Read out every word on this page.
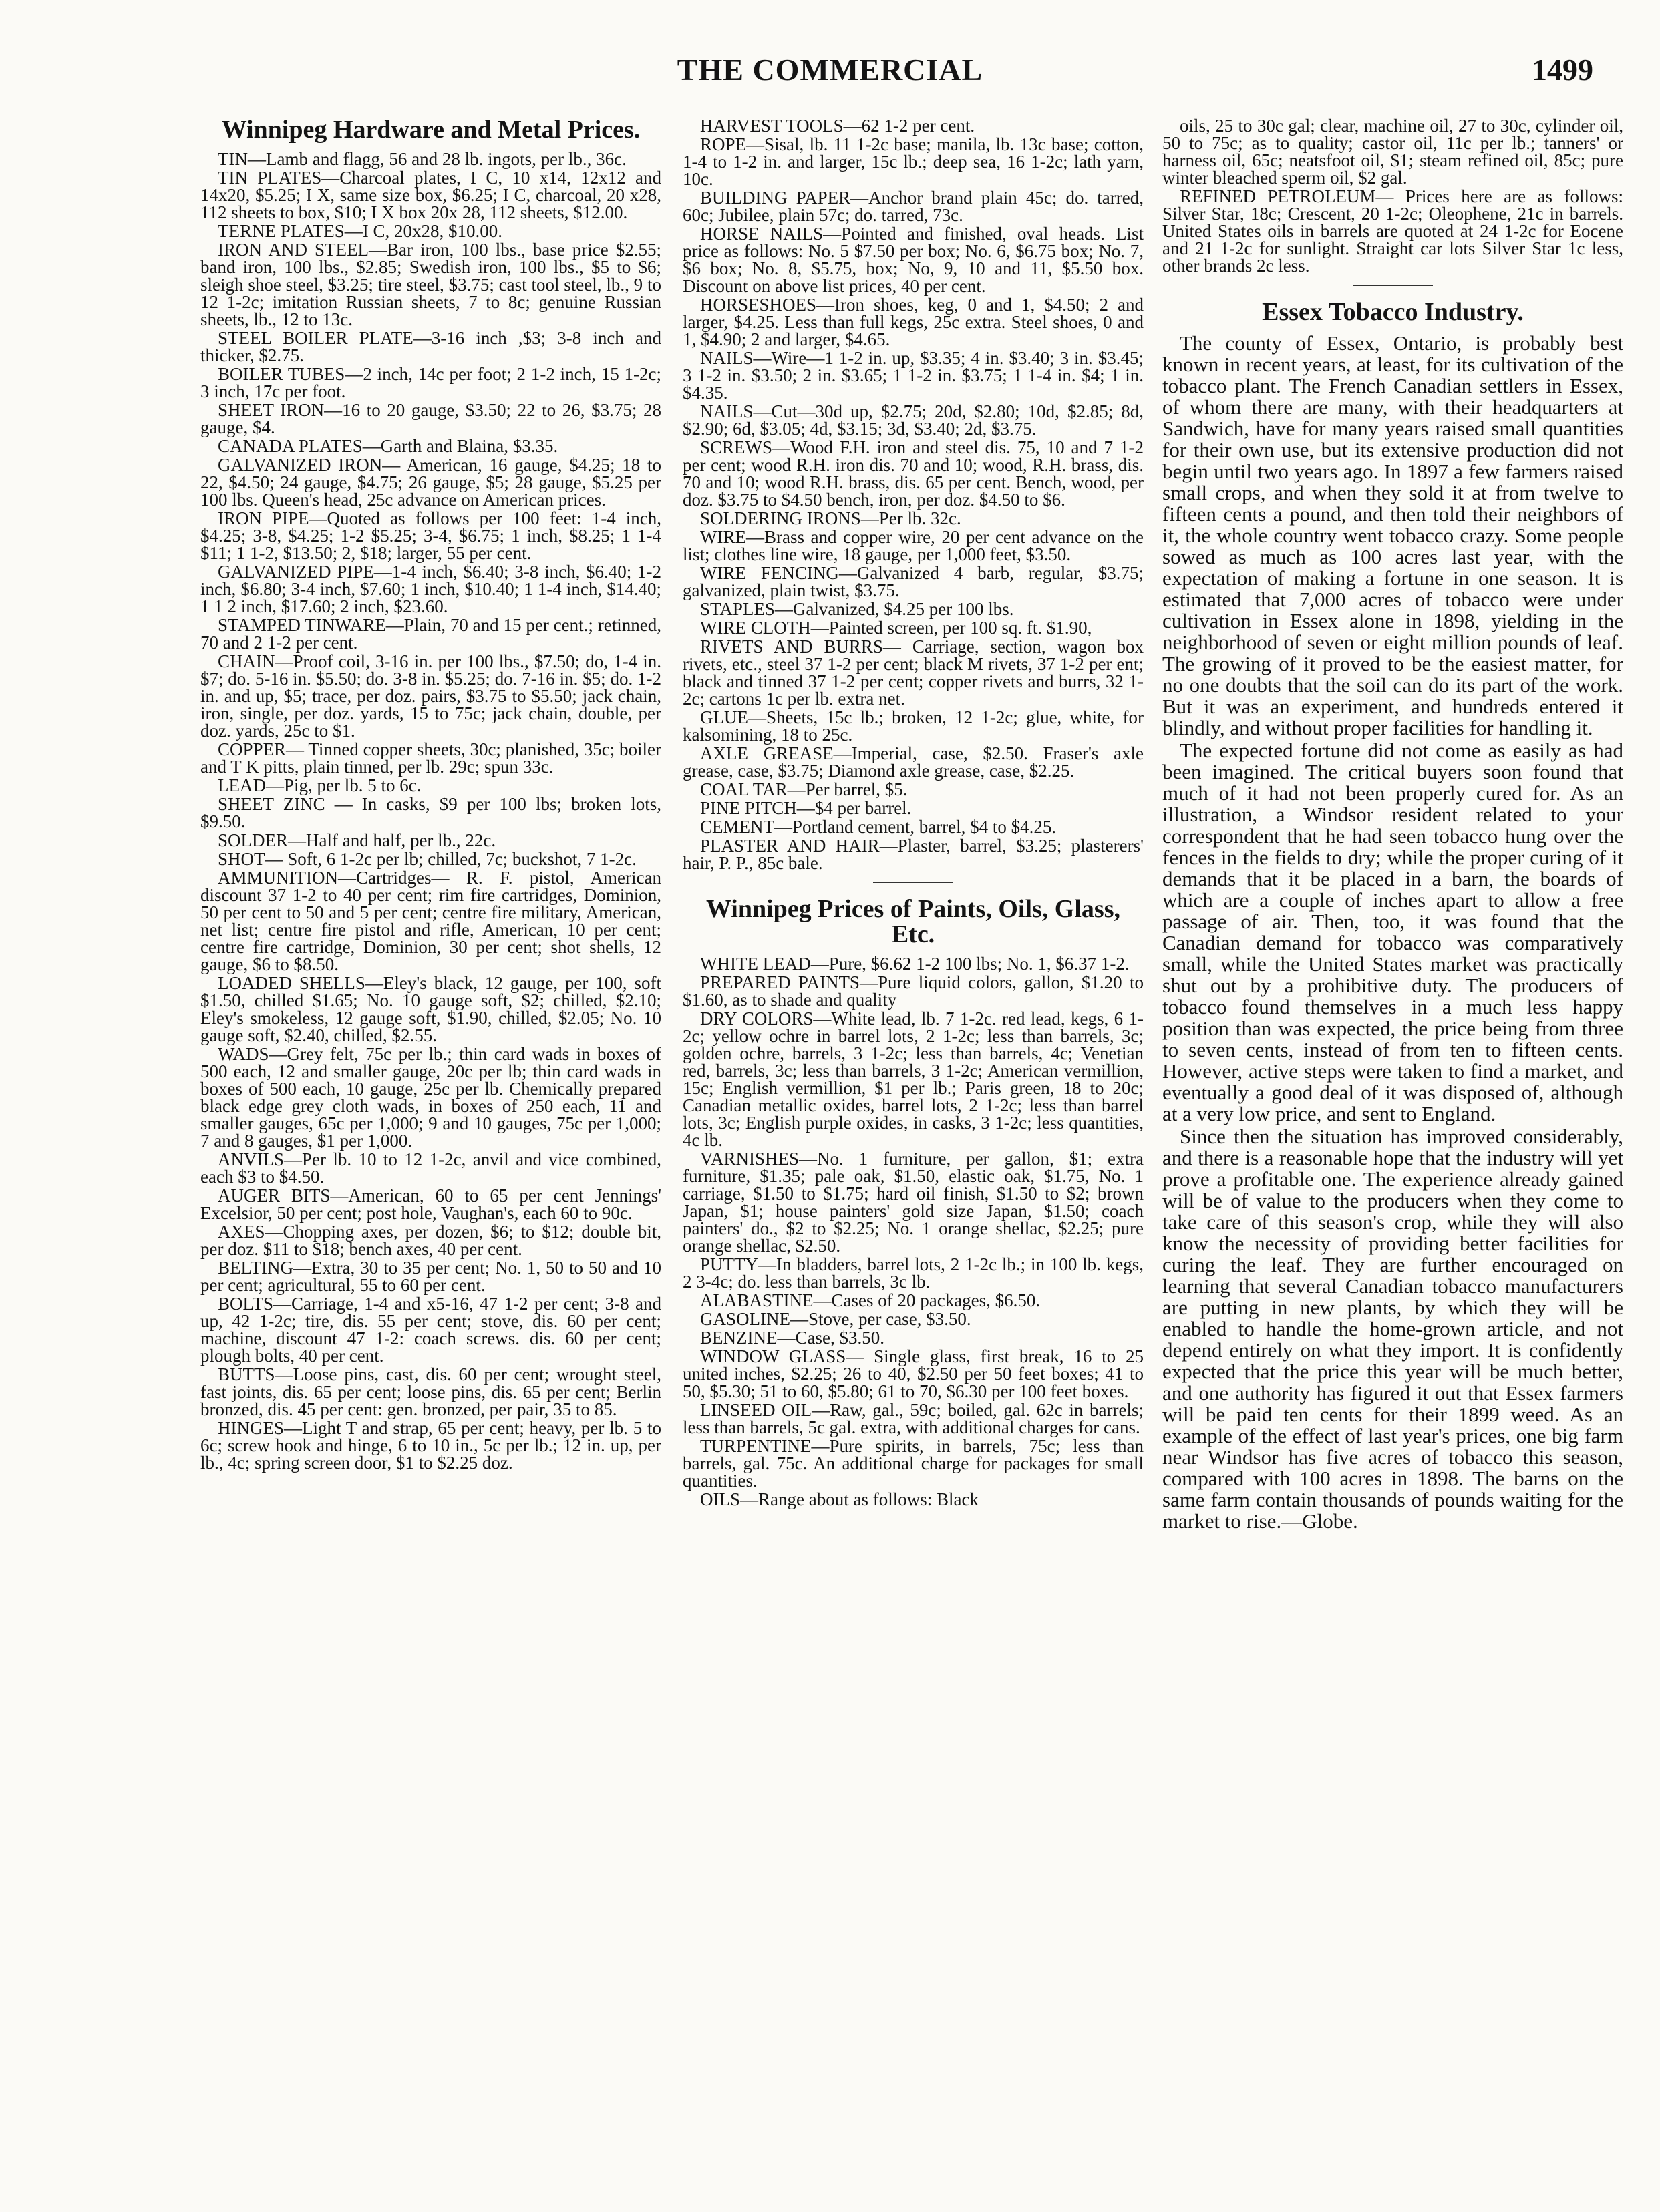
THE COMMERCIAL	1499
Winnipeg Hardware and Metal Prices.

TIN—Lamb and flagg, 56 and 28 lb. ingots, per lb., 36c.

TIN PLATES—Charcoal plates, I C, 10 x14, 12x12 and 14x20, $5.25; I X, same size box, $6.25; I C, charcoal, 20 x28, 112 sheets to box, $10; I X box 20x 28, 112 sheets, $12.00.

TERNE PLATES—I C, 20x28, $10.00.

IRON AND STEEL—Bar iron, 100 lbs., base price $2.55; band iron, 100 lbs., $2.85; Swedish iron, 100 lbs., $5 to $6; sleigh shoe steel, $3.25; tire steel, $3.75; cast tool steel, lb., 9 to 12 1-2c; imitation Russian sheets, 7 to 8c; genuine Russian sheets, lb., 12 to 13c.

STEEL BOILER PLATE—3-16 inch ,$3; 3-8 inch and thicker, $2.75.

BOILER TUBES—2 inch, 14c per foot; 2 1-2 inch, 15 1-2c; 3 inch, 17c per foot.

SHEET IRON—16 to 20 gauge, $3.50; 22 to 26, $3.75; 28 gauge, $4.

CANADA PLATES—Garth and Blaina, $3.35.

GALVANIZED IRON— American, 16 gauge, $4.25; 18 to 22, $4.50; 24 gauge, $4.75; 26 gauge, $5; 28 gauge, $5.25 per 100 lbs. Queen's head, 25c advance on American prices.

IRON PIPE—Quoted as follows per 100 feet: 1-4 inch, $4.25; 3-8, $4.25; 1-2 $5.25; 3-4, $6.75; 1 inch, $8.25; 1 1-4 $11; 1 1-2, $13.50; 2, $18; larger, 55 per cent.

GALVANIZED PIPE—1-4 inch, $6.40; 3-8 inch, $6.40; 1-2 inch, $6.80; 3-4 inch, $7.60; 1 inch, $10.40; 1 1-4 inch, $14.40; 1 1 2 inch, $17.60; 2 inch, $23.60.

STAMPED TINWARE—Plain, 70 and 15 per cent.; retinned, 70 and 2 1-2 per cent.

CHAIN—Proof coil, 3-16 in. per 100 lbs., $7.50; do, 1-4 in. $7; do. 5-16 in. $5.50; do. 3-8 in. $5.25; do. 7-16 in. $5; do. 1-2 in. and up, $5; trace, per doz. pairs, $3.75 to $5.50; jack chain, iron, single, per doz. yards, 15 to 75c; jack chain, double, per doz. yards, 25c to $1.

COPPER— Tinned copper sheets, 30c; planished, 35c; boiler and T K pitts, plain tinned, per lb. 29c; spun 33c.

LEAD—Pig, per lb. 5 to 6c.

SHEET ZINC — In casks, $9 per 100 lbs; broken lots, $9.50.

SOLDER—Half and half, per lb., 22c.

SHOT— Soft, 6 1-2c per lb; chilled, 7c; buckshot, 7 1-2c.

AMMUNITION—Cartridges— R. F. pistol, American discount 37 1-2 to 40 per cent; rim fire cartridges, Dominion, 50 per cent to 50 and 5 per cent; centre fire military, American, net list; centre fire pistol and rifle, American, 10 per cent; centre fire cartridge, Dominion, 30 per cent; shot shells, 12 gauge, $6 to $8.50.

LOADED SHELLS—Eley's black, 12 gauge, per 100, soft $1.50, chilled $1.65; No. 10 gauge soft, $2; chilled, $2.10; Eley's smokeless, 12 gauge soft, $1.90, chilled, $2.05; No. 10 gauge soft, $2.40, chilled, $2.55.

WADS—Grey felt, 75c per lb.; thin card wads in boxes of 500 each, 12 and smaller gauge, 20c per lb; thin card wads in boxes of 500 each, 10 gauge, 25c per lb. Chemically prepared black edge grey cloth wads, in boxes of 250 each, 11 and smaller gauges, 65c per 1,000; 9 and 10 gauges, 75c per 1,000; 7 and 8 gauges, $1 per 1,000.

ANVILS—Per lb. 10 to 12 1-2c, anvil and vice combined, each $3 to $4.50.

AUGER BITS—American, 60 to 65 per cent Jennings' Excelsior, 50 per cent; post hole, Vaughan's, each 60 to 90c.

AXES—Chopping axes, per dozen, $6; to $12; double bit, per doz. $11 to $18; bench axes, 40 per cent.

BELTING—Extra, 30 to 35 per cent; No. 1, 50 to 50 and 10 per cent; agricultural, 55 to 60 per cent.

BOLTS—Carriage, 1-4 and x5-16, 47 1-2 per cent; 3-8 and up, 42 1-2c; tire, dis. 55 per cent; stove, dis. 60 per cent; machine, discount 47 1-2: coach screws. dis. 60 per cent; plough bolts, 40 per cent.

BUTTS—Loose pins, cast, dis. 60 per cent; wrought steel, fast joints, dis. 65 per cent; loose pins, dis. 65 per cent; Berlin bronzed, dis. 45 per cent: gen. bronzed, per pair, 35 to 85.

HINGES—Light T and strap, 65 per cent; heavy, per lb. 5 to 6c; screw hook and hinge, 6 to 10 in., 5c per lb.; 12 in. up, per lb., 4c; spring screen door, $1 to $2.25 doz.

HARVEST TOOLS—62 1-2 per cent.

ROPE—Sisal, lb. 11 1-2c base; manila, lb. 13c base; cotton, 1-4 to 1-2 in. and larger, 15c lb.; deep sea, 16 1-2c; lath yarn, 10c.

BUILDING PAPER—Anchor brand plain 45c; do. tarred, 60c; Jubilee, plain 57c; do. tarred, 73c.

HORSE NAILS—Pointed and finished, oval heads. List price as follows: No. 5 $7.50 per box; No. 6, $6.75 box; No. 7, $6 box; No. 8, $5.75, box; No, 9, 10 and 11, $5.50 box. Discount on above list prices, 40 per cent.

HORSESHOES—Iron shoes, keg, 0 and 1, $4.50; 2 and larger, $4.25. Less than full kegs, 25c extra. Steel shoes, 0 and 1, $4.90; 2 and larger, $4.65.

NAILS—Wire—1 1-2 in. up, $3.35; 4 in. $3.40; 3 in. $3.45; 3 1-2 in. $3.50; 2 in. $3.65; 1 1-2 in. $3.75; 1 1-4 in. $4; 1 in. $4.35.

NAILS—Cut—30d up, $2.75; 20d, $2.80; 10d, $2.85; 8d, $2.90; 6d, $3.05; 4d, $3.15; 3d, $3.40; 2d, $3.75.

SCREWS—Wood F.H. iron and steel dis. 75, 10 and 7 1-2 per cent; wood R.H. iron dis. 70 and 10; wood, R.H. brass, dis. 70 and 10; wood R.H. brass, dis. 65 per cent. Bench, wood, per doz. $3.75 to $4.50 bench, iron, per doz. $4.50 to $6.

SOLDERING IRONS—Per lb. 32c.

WIRE—Brass and copper wire, 20 per cent advance on the list; clothes line wire, 18 gauge, per 1,000 feet, $3.50.

WIRE FENCING—Galvanized 4 barb, regular, $3.75; galvanized, plain twist, $3.75.

STAPLES—Galvanized, $4.25 per 100 lbs.

WIRE CLOTH—Painted screen, per 100 sq. ft. $1.90,

RIVETS AND BURRS— Carriage, section, wagon box rivets, etc., steel 37 1-2 per cent; black M rivets, 37 1-2 per ent; black and tinned 37 1-2 per cent; copper rivets and burrs, 32 1-2c; cartons 1c per lb. extra net.

GLUE—Sheets, 15c lb.; broken, 12 1-2c; glue, white, for kalsomining, 18 to 25c.

AXLE GREASE—Imperial, case, $2.50. Fraser's axle grease, case, $3.75; Diamond axle grease, case, $2.25.

COAL TAR—Per barrel, $5.

PINE PITCH—$4 per barrel.

CEMENT—Portland cement, barrel, $4 to $4.25.

PLASTER AND HAIR—Plaster, barrel, $3.25; plasterers' hair, P. P., 85c bale.

Winnipeg Prices of Paints, Oils, Glass, Etc.

WHITE LEAD—Pure, $6.62 1-2 100 lbs; No. 1, $6.37 1-2.

PREPARED PAINTS—Pure liquid colors, gallon, $1.20 to $1.60, as to shade and quality

DRY COLORS—White lead, lb. 7 1-2c. red lead, kegs, 6 1-2c; yellow ochre in barrel lots, 2 1-2c; less than barrels, 3c; golden ochre, barrels, 3 1-2c; less than barrels, 4c; Venetian red, barrels, 3c; less than barrels, 3 1-2c; American vermillion, 15c; English vermillion, $1 per lb.; Paris green, 18 to 20c; Canadian metallic oxides, barrel lots, 2 1-2c; less than barrel lots, 3c; English purple oxides, in casks, 3 1-2c; less quantities, 4c lb.

VARNISHES—No. 1 furniture, per gallon, $1; extra furniture, $1.35; pale oak, $1.50, elastic oak, $1.75, No. 1 carriage, $1.50 to $1.75; hard oil finish, $1.50 to $2; brown Japan, $1; house painters' gold size Japan, $1.50; coach painters' do., $2 to $2.25; No. 1 orange shellac, $2.25; pure orange shellac, $2.50.

PUTTY—In bladders, barrel lots, 2 1-2c lb.; in 100 lb. kegs, 2 3-4c; do. less than barrels, 3c lb.

ALABASTINE—Cases of 20 packages, $6.50.

GASOLINE—Stove, per case, $3.50.

BENZINE—Case, $3.50.

WINDOW GLASS— Single glass, first break, 16 to 25 united inches, $2.25; 26 to 40, $2.50 per 50 feet boxes; 41 to 50, $5.30; 51 to 60, $5.80; 61 to 70, $6.30 per 100 feet boxes.

LINSEED OIL—Raw, gal., 59c; boiled, gal. 62c in barrels; less than barrels, 5c gal. extra, with additional charges for cans.

TURPENTINE—Pure spirits, in barrels, 75c; less than barrels, gal. 75c. An additional charge for packages for small quantities.

OILS—Range about as follows: Black

oils, 25 to 30c gal; clear, machine oil, 27 to 30c, cylinder oil, 50 to 75c; as to quality; castor oil, 11c per lb.; tanners' or harness oil, 65c; neatsfoot oil, $1; steam refined oil, 85c; pure winter bleached sperm oil, $2 gal.

REFINED PETROLEUM— Prices here are as follows: Silver Star, 18c; Crescent, 20 1-2c; Oleophene, 21c in barrels. United States oils in barrels are quoted at 24 1-2c for Eocene and 21 1-2c for sunlight. Straight car lots Silver Star 1c less, other brands 2c less.

Essex Tobacco Industry.

The county of Essex, Ontario, is probably best known in recent years, at least, for its cultivation of the tobacco plant. The French Canadian settlers in Essex, of whom there are many, with their headquarters at Sandwich, have for many years raised small quantities for their own use, but its extensive production did not begin until two years ago. In 1897 a few farmers raised small crops, and when they sold it at from twelve to fifteen cents a pound, and then told their neighbors of it, the whole country went tobacco crazy. Some people sowed as much as 100 acres last year, with the expectation of making a fortune in one season. It is estimated that 7,000 acres of tobacco were under cultivation in Essex alone in 1898, yielding in the neighborhood of seven or eight million pounds of leaf. The growing of it proved to be the easiest matter, for no one doubts that the soil can do its part of the work. But it was an experiment, and hundreds entered it blindly, and without proper facilities for handling it.

The expected fortune did not come as easily as had been imagined. The critical buyers soon found that much of it had not been properly cured for. As an illustration, a Windsor resident related to your correspondent that he had seen tobacco hung over the fences in the fields to dry; while the proper curing of it demands that it be placed in a barn, the boards of which are a couple of inches apart to allow a free passage of air. Then, too, it was found that the Canadian demand for tobacco was comparatively small, while the United States market was practically shut out by a prohibitive duty. The producers of tobacco found themselves in a much less happy position than was expected, the price being from three to seven cents, instead of from ten to fifteen cents. However, active steps were taken to find a market, and eventually a good deal of it was disposed of, although at a very low price, and sent to England.

Since then the situation has improved considerably, and there is a reasonable hope that the industry will yet prove a profitable one. The experience already gained will be of value to the producers when they come to take care of this season's crop, while they will also know the necessity of providing better facilities for curing the leaf. They are further encouraged on learning that several Canadian tobacco manufacturers are putting in new plants, by which they will be enabled to handle the home-grown article, and not depend entirely on what they import. It is confidently expected that the price this year will be much better, and one authority has figured it out that Essex farmers will be paid ten cents for their 1899 weed. As an example of the effect of last year's prices, one big farm near Windsor has five acres of tobacco this season, compared with 100 acres in 1898. The barns on the same farm contain thousands of pounds waiting for the market to rise.—Globe.
